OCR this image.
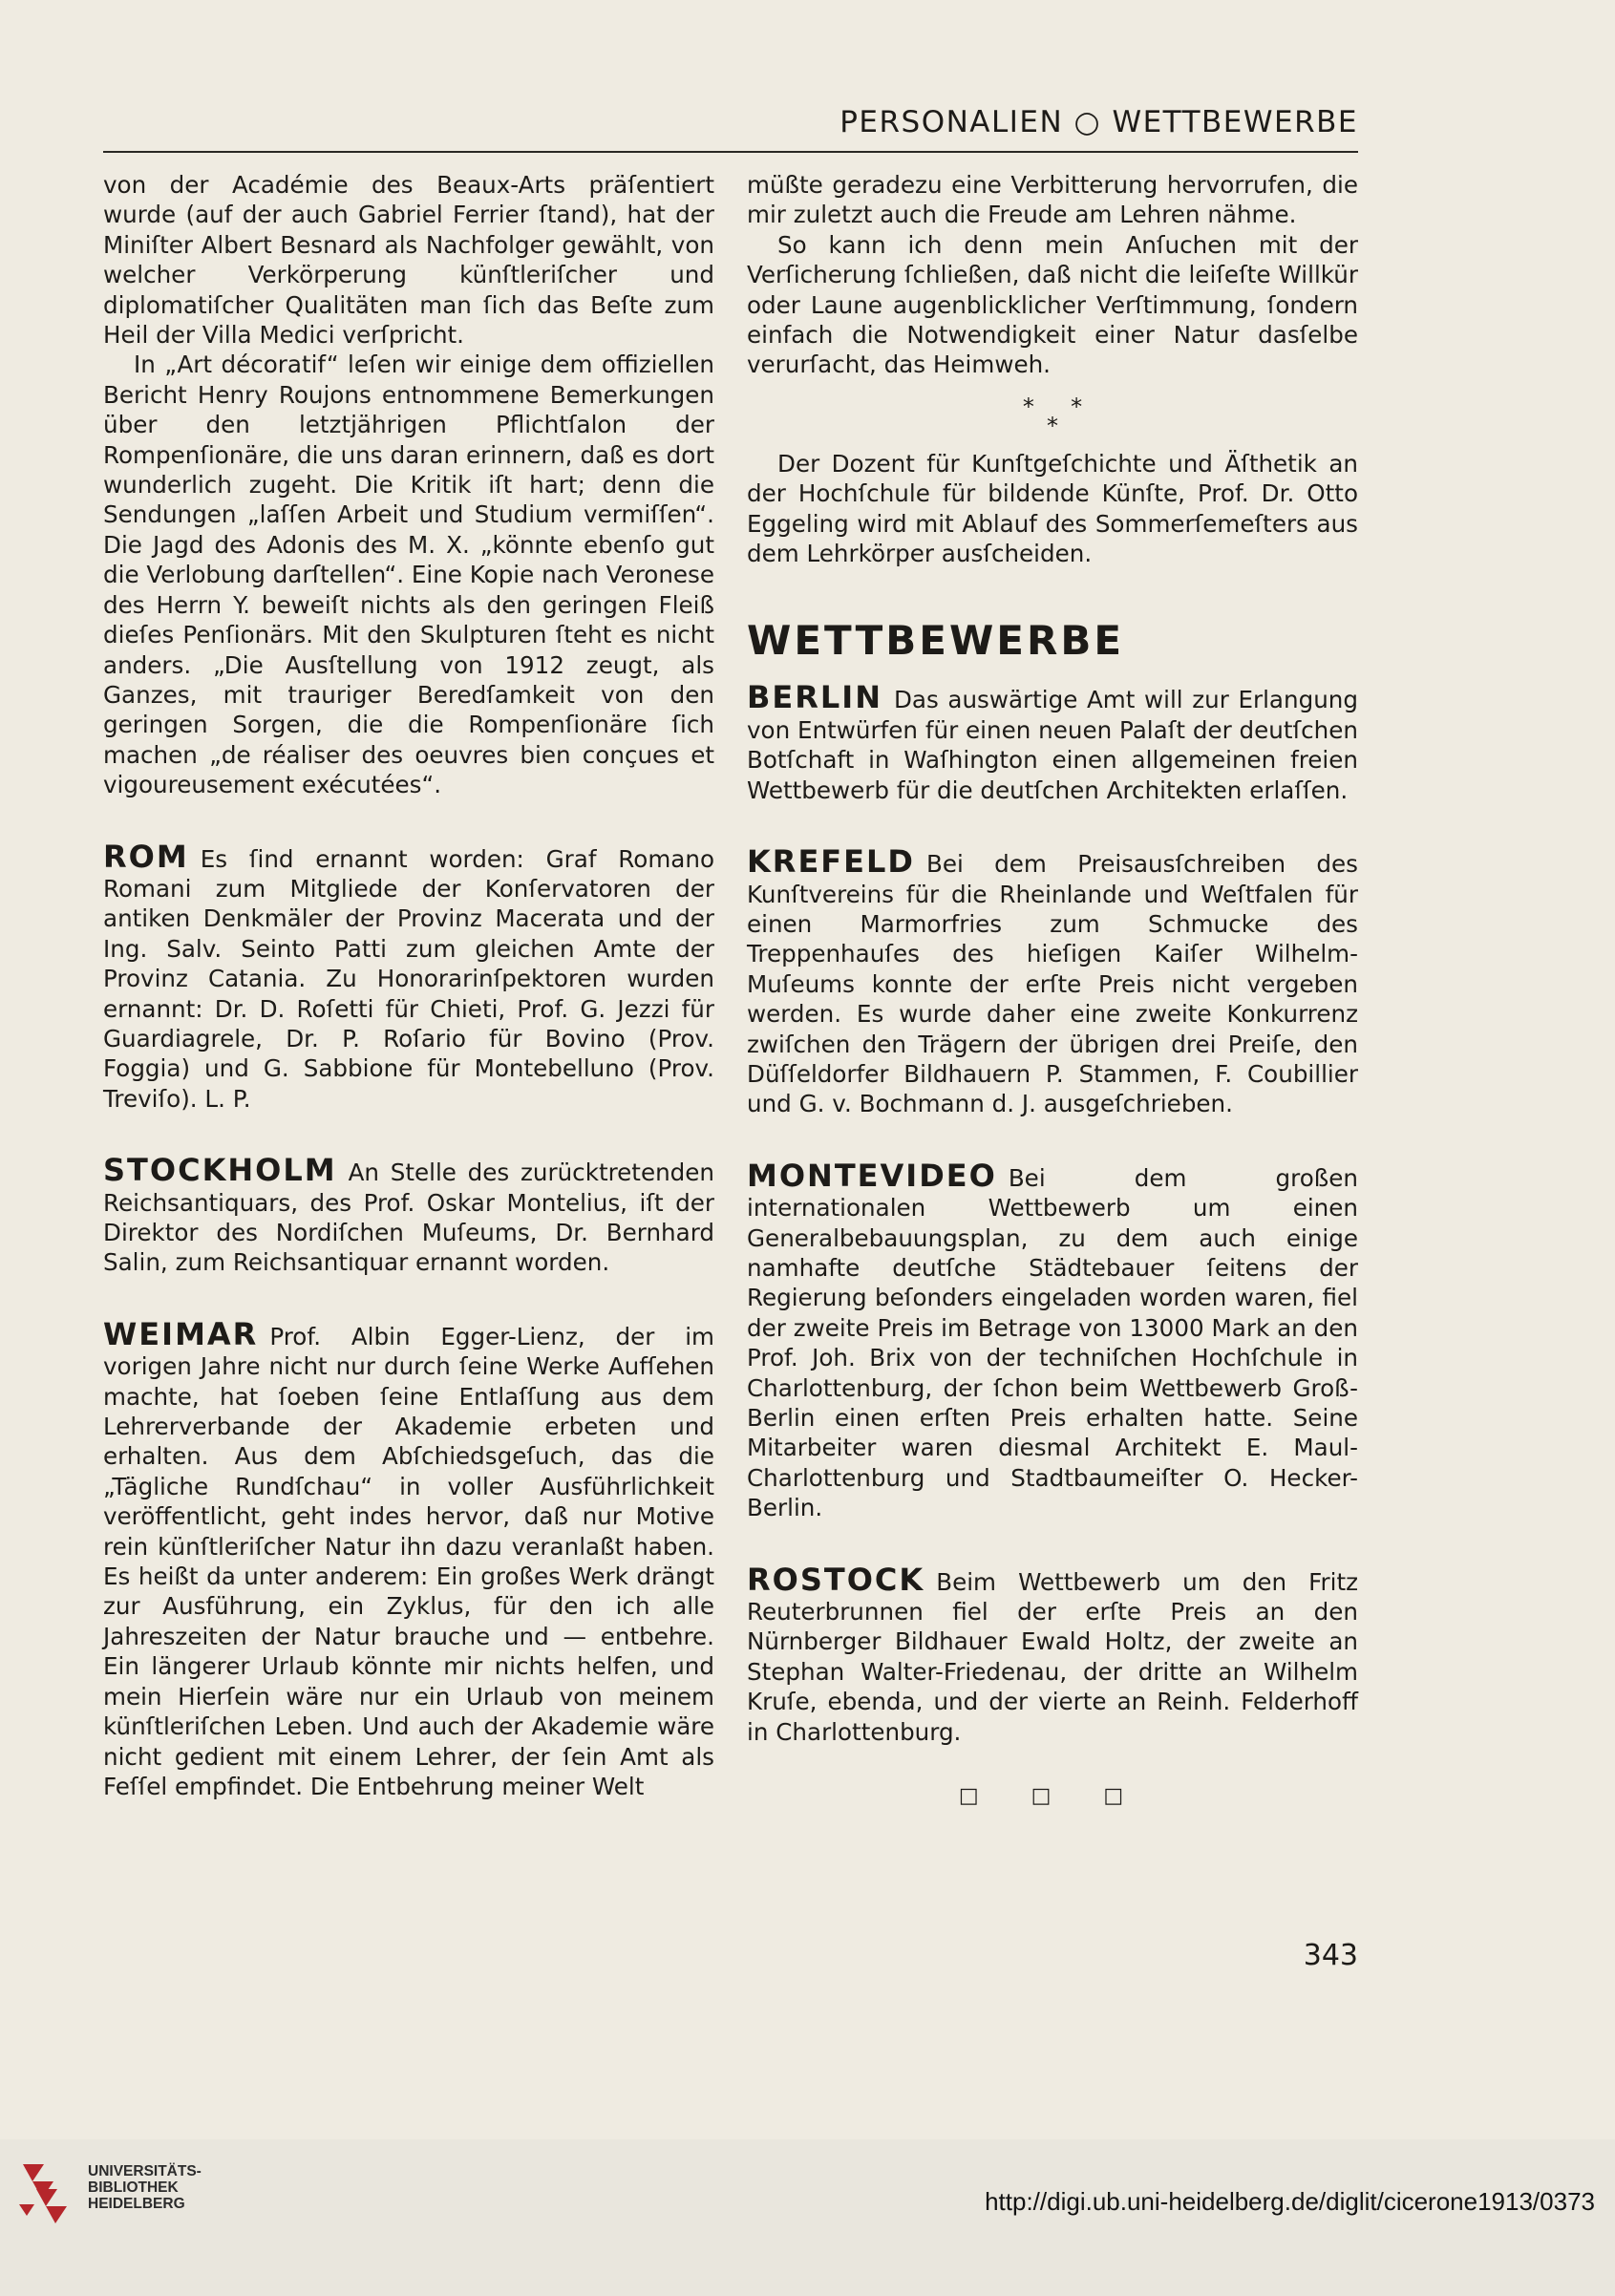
PERSONALIEN ○ WETTBEWERBE

von der Académie des Beaux-Arts präſentiert wurde (auf der auch Gabriel Ferrier ſtand), hat der Miniſter Albert Besnard als Nachfolger gewählt, von welcher Verkörperung künſtleriſcher und diplomatiſcher Qualitäten man ſich das Beſte zum Heil der Villa Medici verſpricht.

In „Art décoratif“ leſen wir einige dem offiziellen Bericht Henry Roujons entnommene Bemerkungen über den letztjährigen Pflichtſalon der Rompenſionäre, die uns daran erinnern, daß es dort wunderlich zugeht. Die Kritik iſt hart; denn die Sendungen „laſſen Arbeit und Studium vermiſſen“. Die Jagd des Adonis des M. X. „könnte ebenſo gut die Verlobung darſtellen“. Eine Kopie nach Veronese des Herrn Y. beweiſt nichts als den geringen Fleiß dieſes Penſionärs. Mit den Skulpturen ſteht es nicht anders. „Die Ausſtellung von 1912 zeugt, als Ganzes, mit trauriger Beredſamkeit von den geringen Sorgen, die die Rompenſionäre ſich machen „de réaliser des oeuvres bien conçues et vigoureusement exécutées“.

ROM Es ſind ernannt worden: Graf Romano Romani zum Mitgliede der Konſervatoren der antiken Denkmäler der Provinz Macerata und der Ing. Salv. Seinto Patti zum gleichen Amte der Provinz Catania. Zu Honorarinſpektoren wurden ernannt: Dr. D. Roſetti für Chieti, Prof. G. Jezzi für Guardiagrele, Dr. P. Roſario für Bovino (Prov. Foggia) und G. Sabbione für Montebelluno (Prov. Treviſo). L. P.

STOCKHOLM An Stelle des zurücktretenden Reichsantiquars, des Prof. Oskar Montelius, iſt der Direktor des Nordiſchen Muſeums, Dr. Bernhard Salin, zum Reichsantiquar ernannt worden.

WEIMAR Prof. Albin Egger-Lienz, der im vorigen Jahre nicht nur durch ſeine Werke Aufſehen machte, hat ſoeben ſeine Entlaſſung aus dem Lehrerverbande der Akademie erbeten und erhalten. Aus dem Abſchiedsgeſuch, das die „Tägliche Rundſchau“ in voller Ausführlichkeit veröffentlicht, geht indes hervor, daß nur Motive rein künſtleriſcher Natur ihn dazu veranlaßt haben. Es heißt da unter anderem: Ein großes Werk drängt zur Ausführung, ein Zyklus, für den ich alle Jahreszeiten der Natur brauche und — entbehre. Ein längerer Urlaub könnte mir nichts helfen, und mein Hierſein wäre nur ein Urlaub von meinem künſtleriſchen Leben. Und auch der Akademie wäre nicht gedient mit einem Lehrer, der ſein Amt als Feſſel empfindet. Die Entbehrung meiner Welt

müßte geradezu eine Verbitterung hervorrufen, die mir zuletzt auch die Freude am Lehren nähme.

So kann ich denn mein Anſuchen mit der Verſicherung ſchließen, daß nicht die leiſeſte Willkür oder Laune augenblicklicher Verſtimmung, ſondern einfach die Notwendigkeit einer Natur dasſelbe verurſacht, das Heimweh.

*     *
*

Der Dozent für Kunſtgeſchichte und Äſthetik an der Hochſchule für bildende Künſte, Prof. Dr. Otto Eggeling wird mit Ablauf des Sommerſemeſters aus dem Lehrkörper ausſcheiden.

WETTBEWERBE

BERLIN Das auswärtige Amt will zur Erlangung von Entwürfen für einen neuen Palaſt der deutſchen Botſchaft in Waſhington einen allgemeinen freien Wettbewerb für die deutſchen Architekten erlaſſen.

KREFELD Bei dem Preisausſchreiben des Kunſtvereins für die Rheinlande und Weſtfalen für einen Marmorfries zum Schmucke des Treppenhauſes des hieſigen Kaiſer Wilhelm-Muſeums konnte der erſte Preis nicht vergeben werden. Es wurde daher eine zweite Konkurrenz zwiſchen den Trägern der übrigen drei Preiſe, den Düſſeldorfer Bildhauern P. Stammen, F. Coubillier und G. v. Bochmann d. J. ausgeſchrieben.

MONTEVIDEO Bei dem großen internationalen Wettbewerb um einen Generalbebauungsplan, zu dem auch einige namhafte deutſche Städtebauer ſeitens der Regierung beſonders eingeladen worden waren, fiel der zweite Preis im Betrage von 13000 Mark an den Prof. Joh. Brix von der techniſchen Hochſchule in Charlottenburg, der ſchon beim Wettbewerb Groß-Berlin einen erſten Preis erhalten hatte. Seine Mitarbeiter waren diesmal Architekt E. Maul-Charlottenburg und Stadtbaumeiſter O. Hecker-Berlin.

ROSTOCK Beim Wettbewerb um den Fritz Reuterbrunnen fiel der erſte Preis an den Nürnberger Bildhauer Ewald Holtz, der zweite an Stephan Walter-Friedenau, der dritte an Wilhelm Kruſe, ebenda, und der vierte an Reinh. Felderhoff in Charlottenburg.

□ □ □
343
UNIVERSITÄTS-
BIBLIOTHEK
HEIDELBERG	http://digi.ub.uni-heidelberg.de/diglit/cicerone1913/0373
